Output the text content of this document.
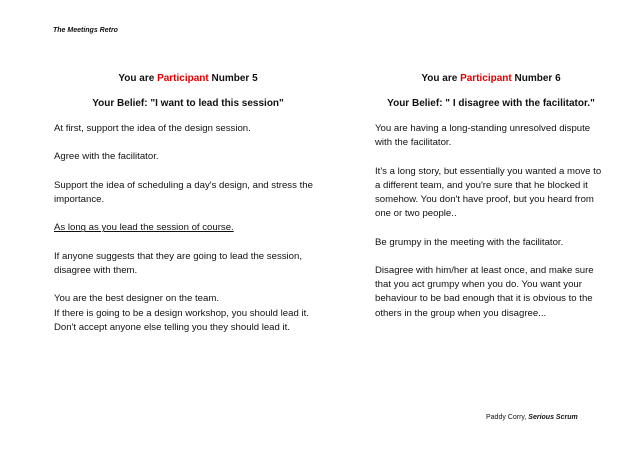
The Meetings Retro
You are Participant Number 5
Your Belief: "I want to lead this session"
At first, support the idea of the design session.
Agree with the facilitator.
Support the idea of scheduling a day's design, and stress the importance.
As long as you lead the session of course.
If anyone suggests that they are going to lead the session, disagree with them.
You are the best designer on the team.
If there is going to be a design workshop, you should lead it. Don't accept anyone else telling you they should lead it.
You are Participant Number 6
Your Belief: " I disagree with the facilitator."
You are having a long-standing unresolved dispute with the facilitator.
It's a long story, but essentially you wanted a move to a different team, and you're sure that he blocked it somehow. You don't have proof, but you heard from one or two people..
Be grumpy in the meeting with the facilitator.
Disagree with him/her at least once, and make sure that you act grumpy when you do. You want your behaviour to be bad enough that it is obvious to the others in the group when you disagree...
Paddy Corry, Serious Scrum
